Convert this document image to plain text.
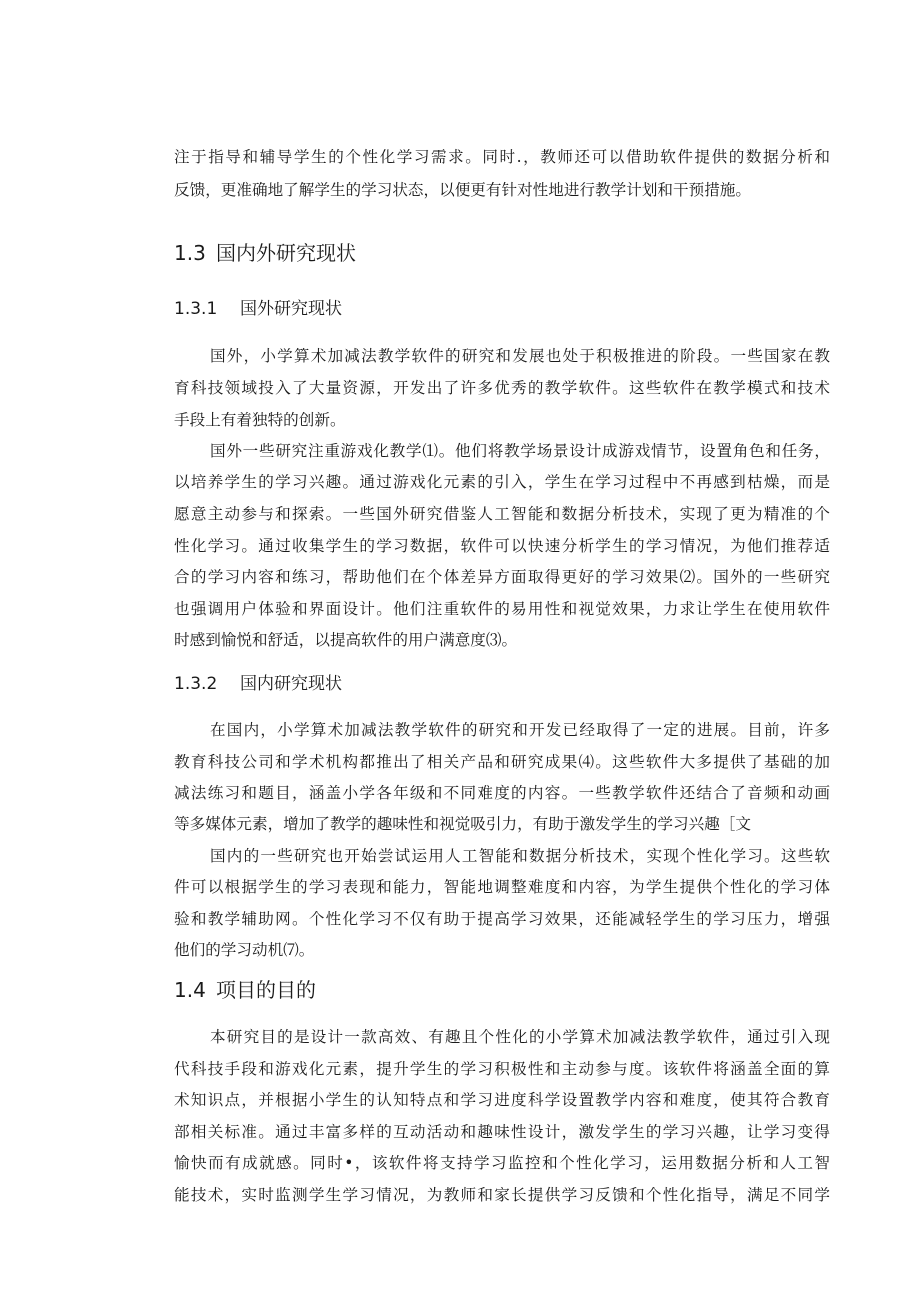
注于指导和辅导学生的个性化学习需求。同时.，教师还可以借助软件提供的数据分析和
反馈，更准确地了解学生的学习状态，以便更有针对性地进行教学计划和干预措施。
1.3 国内外研究现状
1.3.1 国外研究现状
国外，小学算术加减法教学软件的研究和发展也处于积极推进的阶段。一些国家在教
育科技领域投入了大量资源，开发出了许多优秀的教学软件。这些软件在教学模式和技术
手段上有着独特的创新。
国外一些研究注重游戏化教学⑴。他们将教学场景设计成游戏情节，设置角色和任务，
以培养学生的学习兴趣。通过游戏化元素的引入，学生在学习过程中不再感到枯燥，而是
愿意主动参与和探索。一些国外研究借鉴人工智能和数据分析技术，实现了更为精准的个
性化学习。通过收集学生的学习数据，软件可以快速分析学生的学习情况，为他们推荐适
合的学习内容和练习，帮助他们在个体差异方面取得更好的学习效果⑵。国外的一些研究
也强调用户体验和界面设计。他们注重软件的易用性和视觉效果，力求让学生在使用软件
时感到愉悦和舒适，以提高软件的用户满意度⑶。
1.3.2 国内研究现状
在国内，小学算术加减法教学软件的研究和开发已经取得了一定的进展。目前，许多
教育科技公司和学术机构都推出了相关产品和研究成果⑷。这些软件大多提供了基础的加
减法练习和题目，涵盖小学各年级和不同难度的内容。一些教学软件还结合了音频和动画
等多媒体元素，增加了教学的趣味性和视觉吸引力，有助于激发学生的学习兴趣［文
国内的一些研究也开始尝试运用人工智能和数据分析技术，实现个性化学习。这些软
件可以根据学生的学习表现和能力，智能地调整难度和内容，为学生提供个性化的学习体
验和教学辅助网。个性化学习不仅有助于提高学习效果，还能减轻学生的学习压力，增强
他们的学习动机⑺。
1.4 项目的目的
本研究目的是设计一款高效、有趣且个性化的小学算术加减法教学软件，通过引入现
代科技手段和游戏化元素，提升学生的学习积极性和主动参与度。该软件将涵盖全面的算
术知识点，并根据小学生的认知特点和学习进度科学设置教学内容和难度，使其符合教育
部相关标准。通过丰富多样的互动活动和趣味性设计，激发学生的学习兴趣，让学习变得
愉快而有成就感。同时•，该软件将支持学习监控和个性化学习，运用数据分析和人工智
能技术，实时监测学生学习情况，为教师和家长提供学习反馈和个性化指导，满足不同学
